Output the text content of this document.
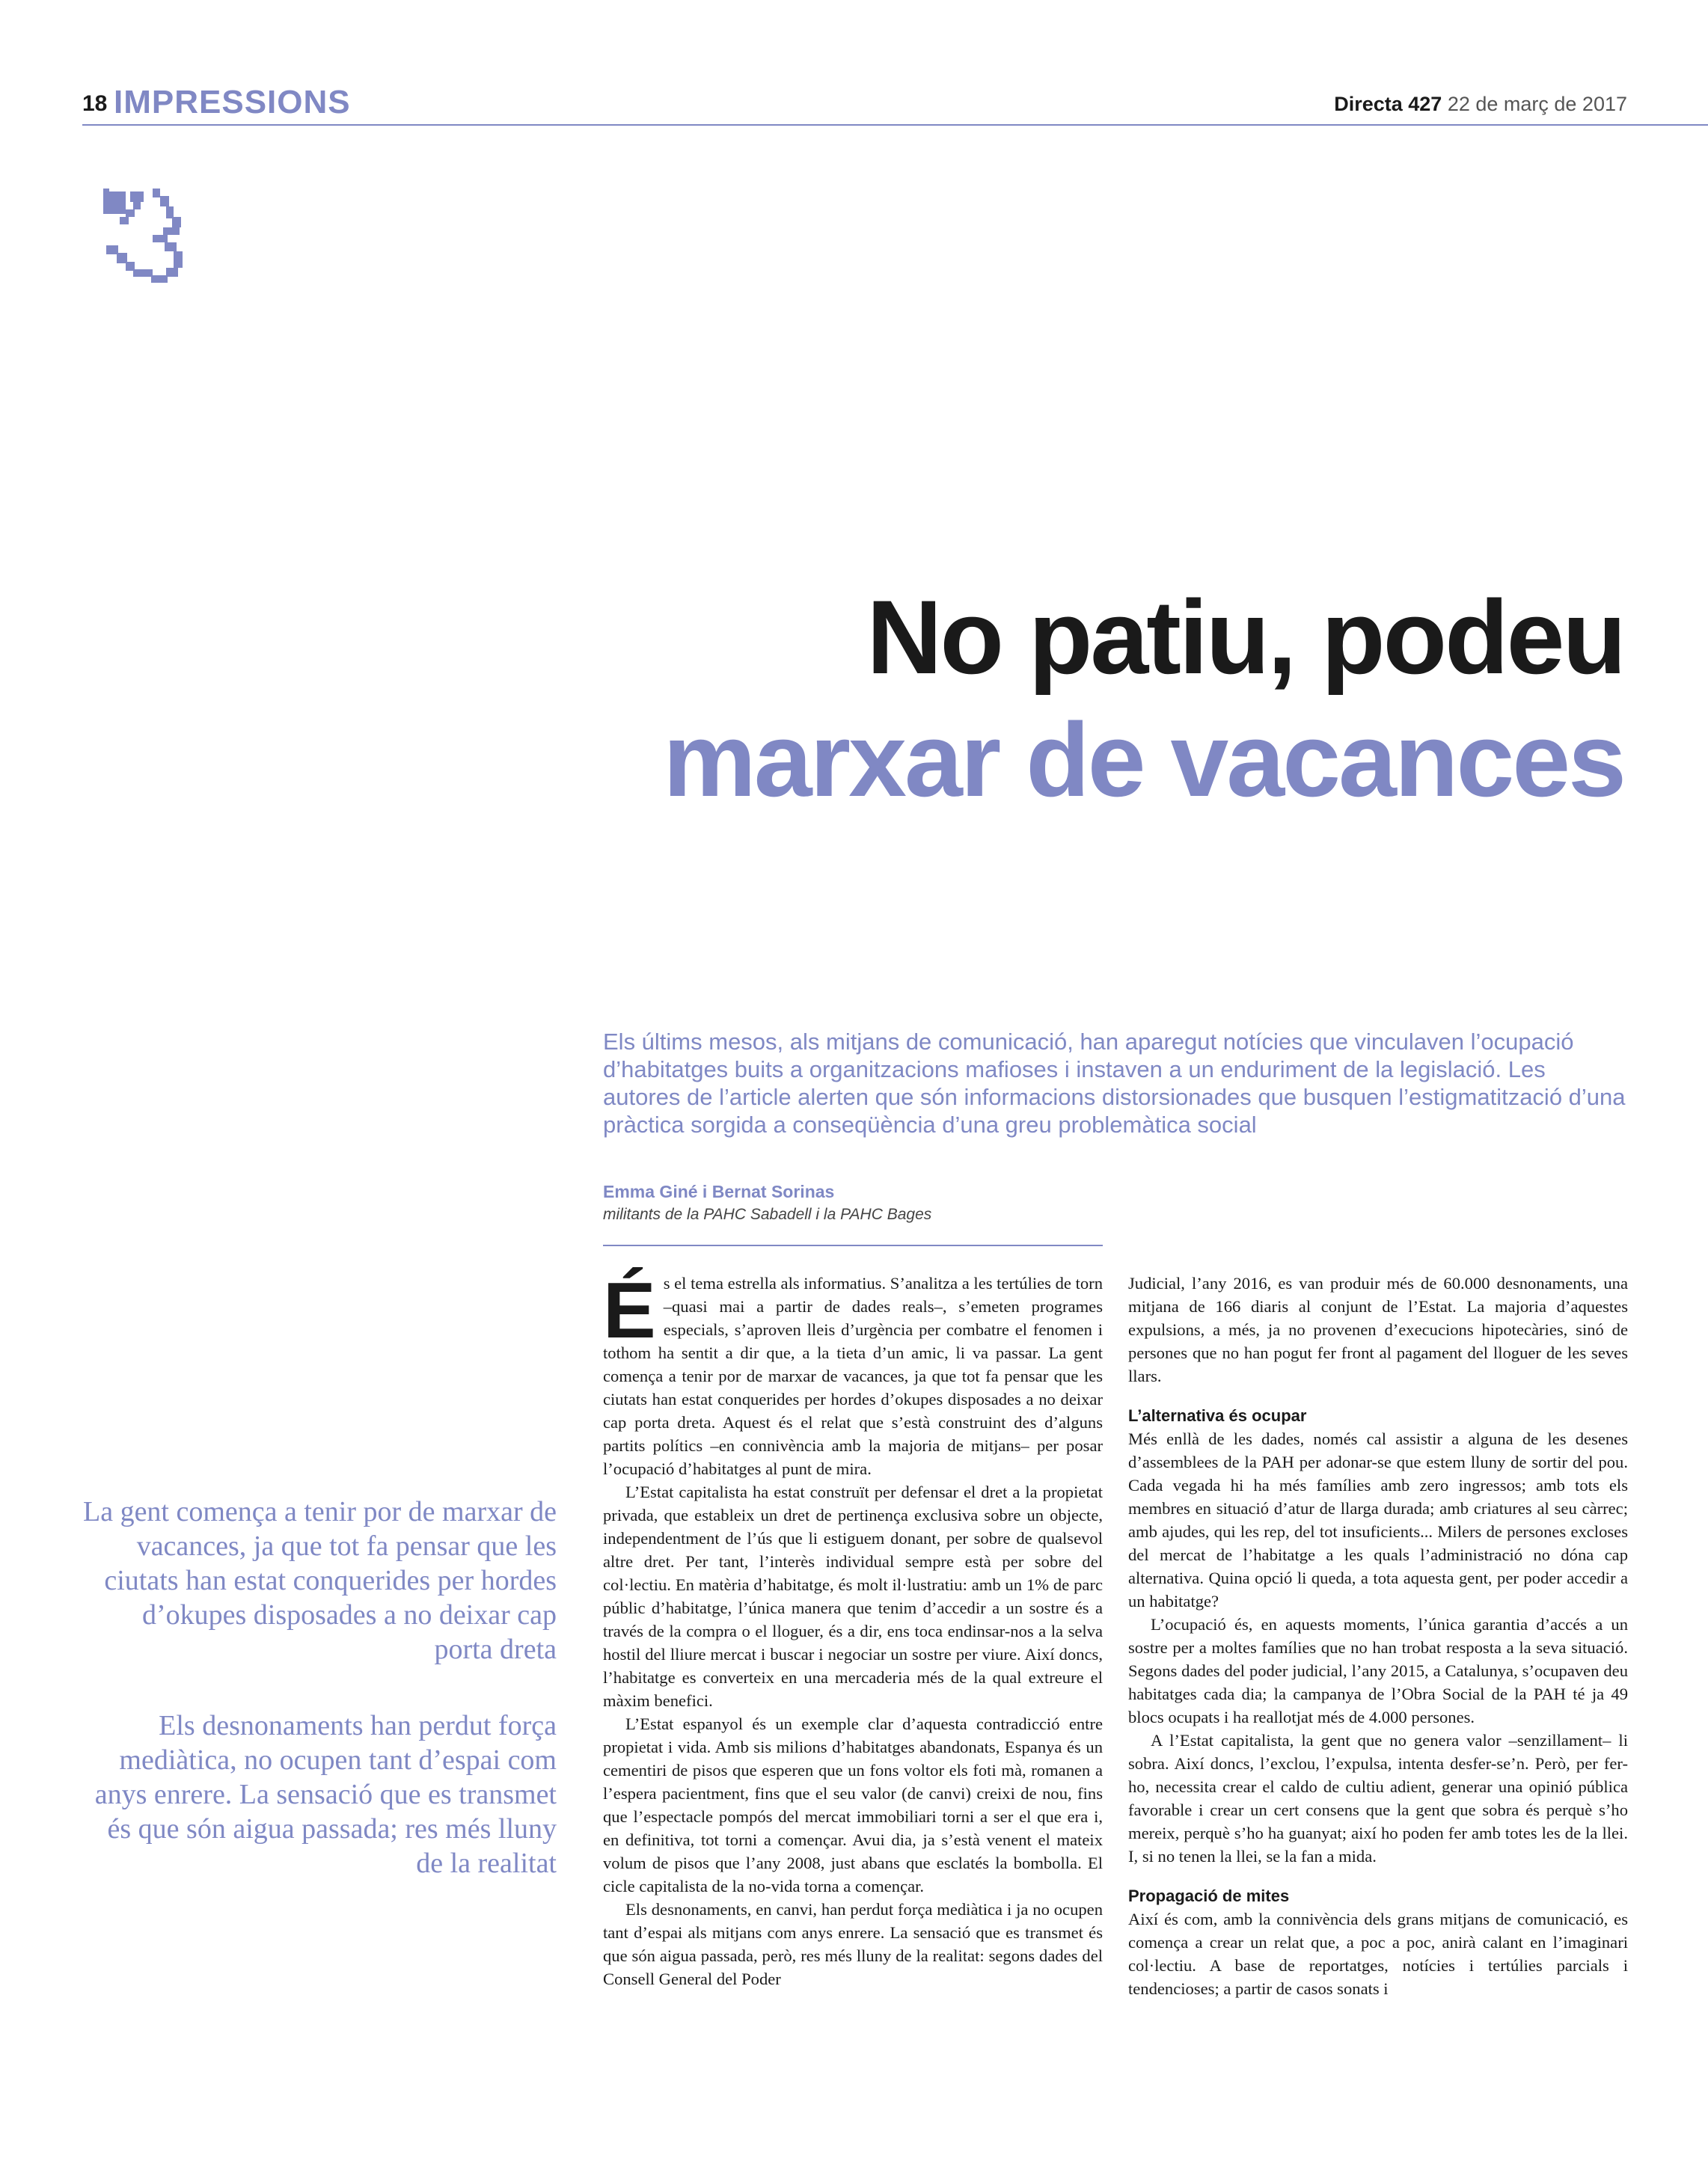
18 IMPRESSIONS	Directa 427 22 de març de 2017
No patiu, podeu
marxar de vacances
Els últims mesos, als mitjans de comunicació, han aparegut notícies que vinculaven l’ocupació d’habitatges buits a organitzacions mafioses i instaven a un enduriment de la legislació. Les autores de l’article alerten que són informacions distorsionades que busquen l’estigmatització d’una pràctica sorgida a conseqüència d’una greu problemàtica social
Emma Giné i Bernat Sorinas
militants de la PAHC Sabadell i la PAHC Bages
La gent comença a tenir por de marxar de vacances, ja que tot fa pensar que les ciutats han estat conquerides per hordes d’okupes disposades a no deixar cap porta dreta
Els desnonaments han perdut força mediàtica, no ocupen tant d’espai com anys enrere. La sensació que es transmet és que són aigua passada; res més lluny de la realitat

És el tema estrella als informatius. S’analitza a les tertúlies de torn –quasi mai a partir de dades reals–, s’emeten programes especials, s’aproven lleis d’urgència per combatre el fenomen i tothom ha sentit a dir que, a la tieta d’un amic, li va passar. La gent comença a tenir por de marxar de vacances, ja que tot fa pensar que les ciutats han estat conquerides per hordes d’okupes disposades a no deixar cap porta dreta. Aquest és el relat que s’està construint des d’alguns partits polítics –en connivència amb la majoria de mitjans– per posar l’ocupació d’habitatges al punt de mira.

L’Estat capitalista ha estat construït per defensar el dret a la propietat privada, que estableix un dret de pertinença exclusiva sobre un objecte, independentment de l’ús que li estiguem donant, per sobre de qualsevol altre dret. Per tant, l’interès individual sempre està per sobre del col·lectiu. En matèria d’habitatge, és molt il·lustratiu: amb un 1% de parc públic d’habitatge, l’única manera que tenim d’accedir a un sostre és a través de la compra o el lloguer, és a dir, ens toca endinsar-nos a la selva hostil del lliure mercat i buscar i negociar un sostre per viure. Així doncs, l’habitatge es converteix en una mercaderia més de la qual extreure el màxim benefici.

L’Estat espanyol és un exemple clar d’aquesta contradicció entre propietat i vida. Amb sis milions d’habitatges abandonats, Espanya és un cementiri de pisos que esperen que un fons voltor els foti mà, romanen a l’espera pacientment, fins que el seu valor (de canvi) creixi de nou, fins que l’espectacle pompós del mercat immobiliari torni a ser el que era i, en definitiva, tot torni a començar. Avui dia, ja s’està venent el mateix volum de pisos que l’any 2008, just abans que esclatés la bombolla. El cicle capitalista de la no-vida torna a començar.

Els desnonaments, en canvi, han perdut força mediàtica i ja no ocupen tant d’espai als mitjans com anys enrere. La sensació que es transmet és que són aigua passada, però, res més lluny de la realitat: segons dades del Consell General del Poder

Judicial, l’any 2016, es van produir més de 60.000 desnonaments, una mitjana de 166 diaris al conjunt de l’Estat. La majoria d’aquestes expulsions, a més, ja no provenen d’execucions hipotecàries, sinó de persones que no han pogut fer front al pagament del lloguer de les seves llars.

L’alternativa és ocupar

Més enllà de les dades, només cal assistir a alguna de les desenes d’assemblees de la PAH per adonar-se que estem lluny de sortir del pou. Cada vegada hi ha més famílies amb zero ingressos; amb tots els membres en situació d’atur de llarga durada; amb criatures al seu càrrec; amb ajudes, qui les rep, del tot insuficients... Milers de persones excloses del mercat de l’habitatge a les quals l’administració no dóna cap alternativa. Quina opció li queda, a tota aquesta gent, per poder accedir a un habitatge?

L’ocupació és, en aquests moments, l’única garantia d’accés a un sostre per a moltes famílies que no han trobat resposta a la seva situació. Segons dades del poder judicial, l’any 2015, a Catalunya, s’ocupaven deu habitatges cada dia; la campanya de l’Obra Social de la PAH té ja 49 blocs ocupats i ha reallotjat més de 4.000 persones.

A l’Estat capitalista, la gent que no genera valor –senzillament– li sobra. Així doncs, l’exclou, l’expulsa, intenta desfer-se’n. Però, per fer-ho, necessita crear el caldo de cultiu adient, generar una opinió pública favorable i crear un cert consens que la gent que sobra és perquè s’ho mereix, perquè s’ho ha guanyat; així ho poden fer amb totes les de la llei. I, si no tenen la llei, se la fan a mida.

Propagació de mites

Així és com, amb la connivència dels grans mitjans de comunicació, es comença a crear un relat que, a poc a poc, anirà calant en l’imaginari col·lectiu. A base de reportatges, notícies i tertúlies parcials i tendencioses; a partir de casos sonats i
